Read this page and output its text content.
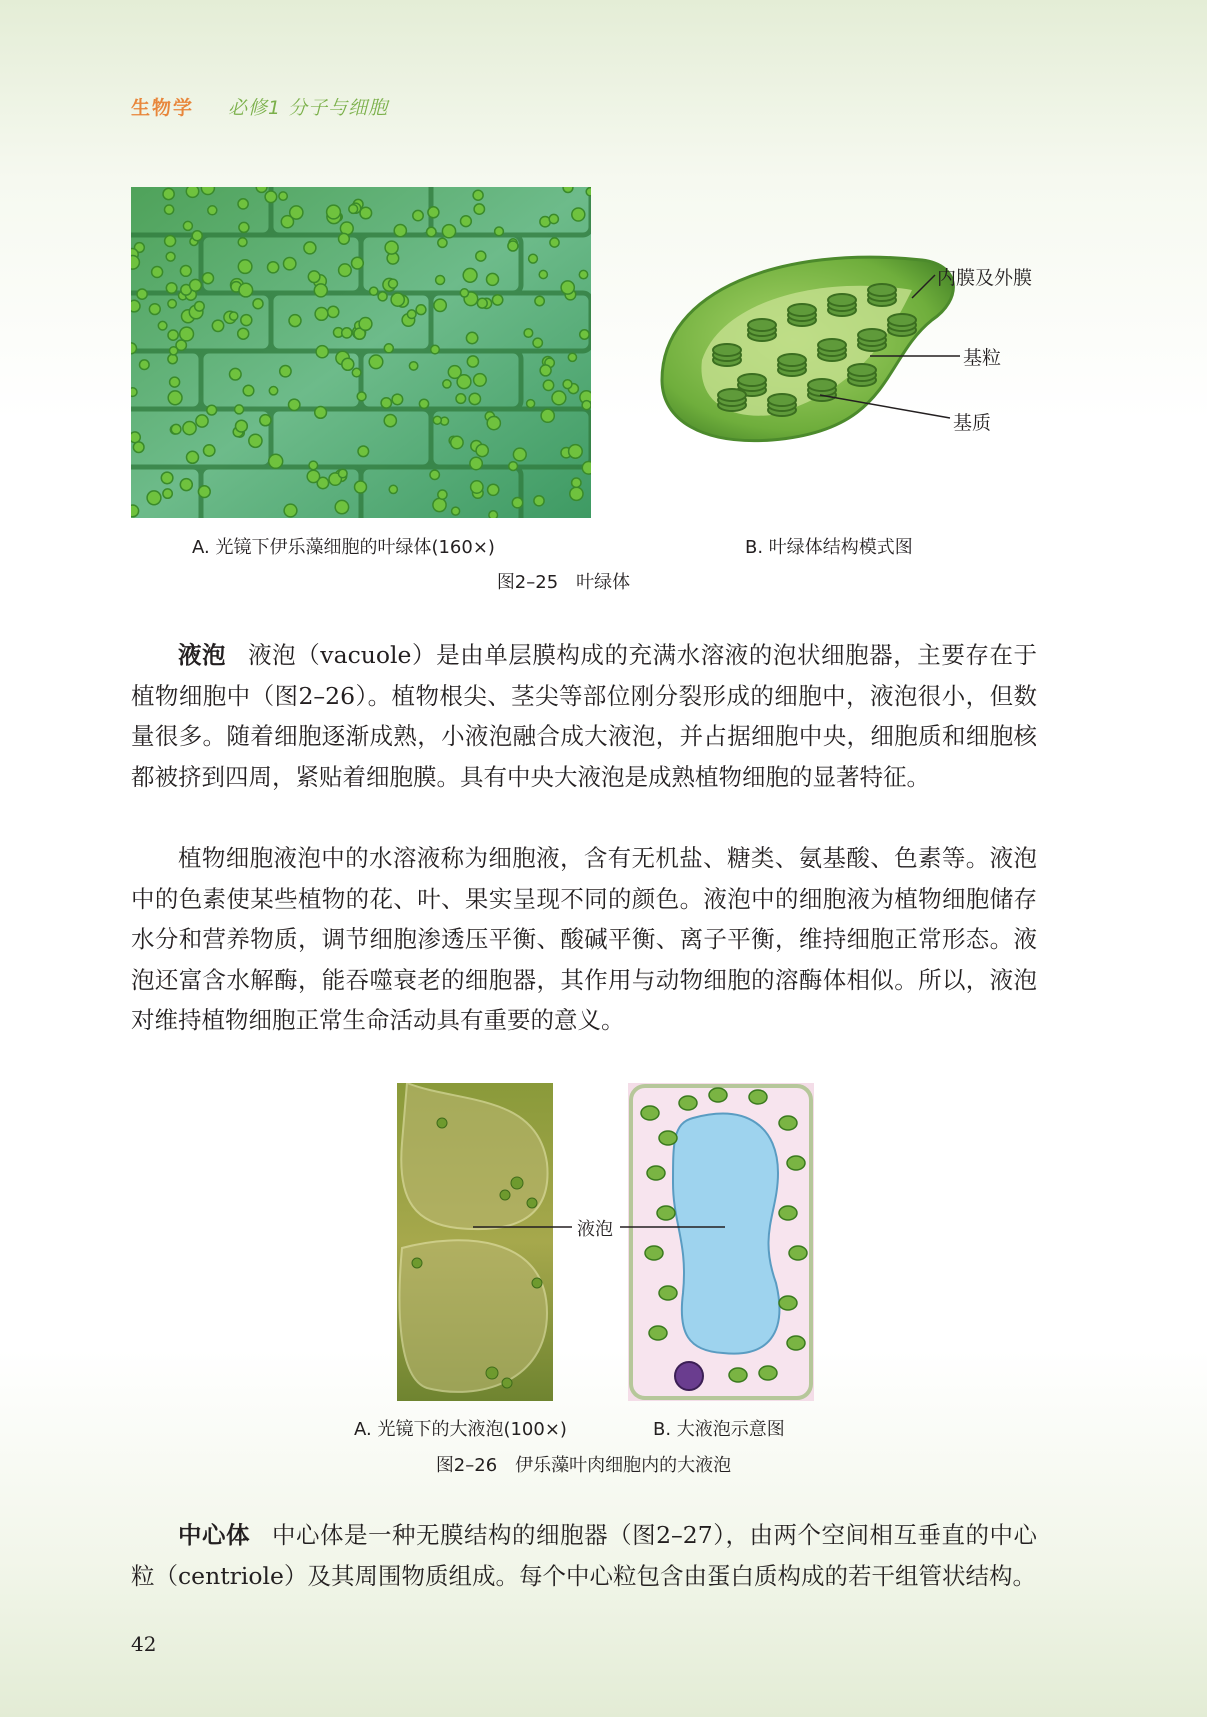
生物学 必修1 分子与细胞
内膜及外膜
基粒
基质
A. 光镜下伊乐藻细胞的叶绿体(160×)	B. 叶绿体结构模式图
图2–25　叶绿体

液泡 液泡（vacuole）是由单层膜构成的充满水溶液的泡状细胞器，主要存在于植物细胞中（图2–26）。植物根尖、茎尖等部位刚分裂形成的细胞中，液泡很小，但数量很多。随着细胞逐渐成熟，小液泡融合成大液泡，并占据细胞中央，细胞质和细胞核都被挤到四周，紧贴着细胞膜。具有中央大液泡是成熟植物细胞的显著特征。

植物细胞液泡中的水溶液称为细胞液，含有无机盐、糖类、氨基酸、色素等。液泡中的色素使某些植物的花、叶、果实呈现不同的颜色。液泡中的细胞液为植物细胞储存水分和营养物质，调节细胞渗透压平衡、酸碱平衡、离子平衡，维持细胞正常形态。液泡还富含水解酶，能吞噬衰老的细胞器，其作用与动物细胞的溶酶体相似。所以，液泡对维持植物细胞正常生命活动具有重要的意义。

液泡
A. 光镜下的大液泡(100×)	B. 大液泡示意图
图2–26　伊乐藻叶肉细胞内的大液泡

中心体 中心体是一种无膜结构的细胞器（图2–27），由两个空间相互垂直的中心粒（centriole）及其周围物质组成。每个中心粒包含由蛋白质构成的若干组管状结构。

42
